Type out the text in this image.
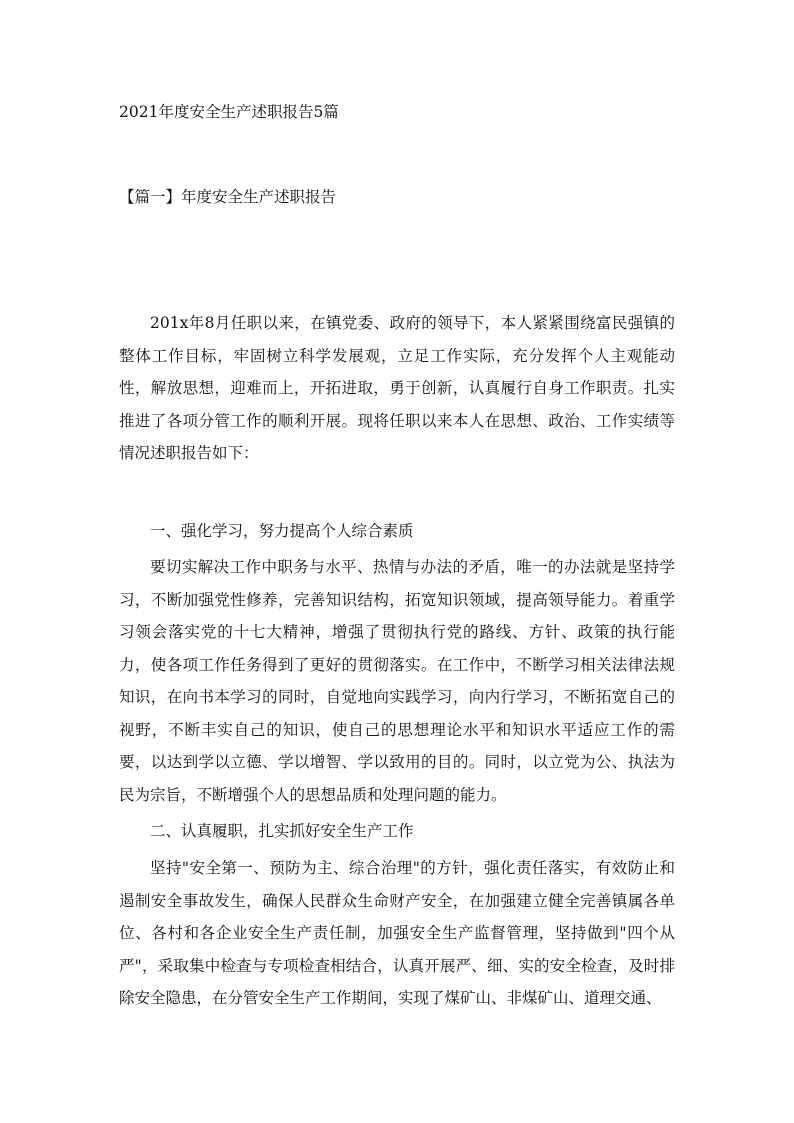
2021年度安全生产述职报告5篇
【篇一】年度安全生产述职报告

201x年8月任职以来，在镇党委、政府的领导下，本人紧紧围绕富民强镇的整体工作目标，牢固树立科学发展观，立足工作实际，充分发挥个人主观能动性，解放思想，迎难而上，开拓进取，勇于创新，认真履行自身工作职责。扎实推进了各项分管工作的顺利开展。现将任职以来本人在思想、政治、工作实绩等情况述职报告如下：

一、强化学习，努力提高个人综合素质

要切实解决工作中职务与水平、热情与办法的矛盾，唯一的办法就是坚持学习，不断加强党性修养，完善知识结构，拓宽知识领域，提高领导能力。着重学习领会落实党的十七大精神，增强了贯彻执行党的路线、方针、政策的执行能力，使各项工作任务得到了更好的贯彻落实。在工作中，不断学习相关法律法规知识，在向书本学习的同时，自觉地向实践学习，向内行学习，不断拓宽自己的视野，不断丰实自己的知识，使自己的思想理论水平和知识水平适应工作的需要，以达到学以立德、学以增智、学以致用的目的。同时，以立党为公、执法为民为宗旨，不断增强个人的思想品质和处理问题的能力。

二、认真履职，扎实抓好安全生产工作

坚持"安全第一、预防为主、综合治理"的方针，强化责任落实，有效防止和遏制安全事故发生，确保人民群众生命财产安全，在加强建立健全完善镇属各单位、各村和各企业安全生产责任制，加强安全生产监督管理，坚持做到"四个从严"，采取集中检查与专项检查相结合，认真开展严、细、实的安全检查，及时排除安全隐患，在分管安全生产工作期间，实现了煤矿山、非煤矿山、道理交通、
